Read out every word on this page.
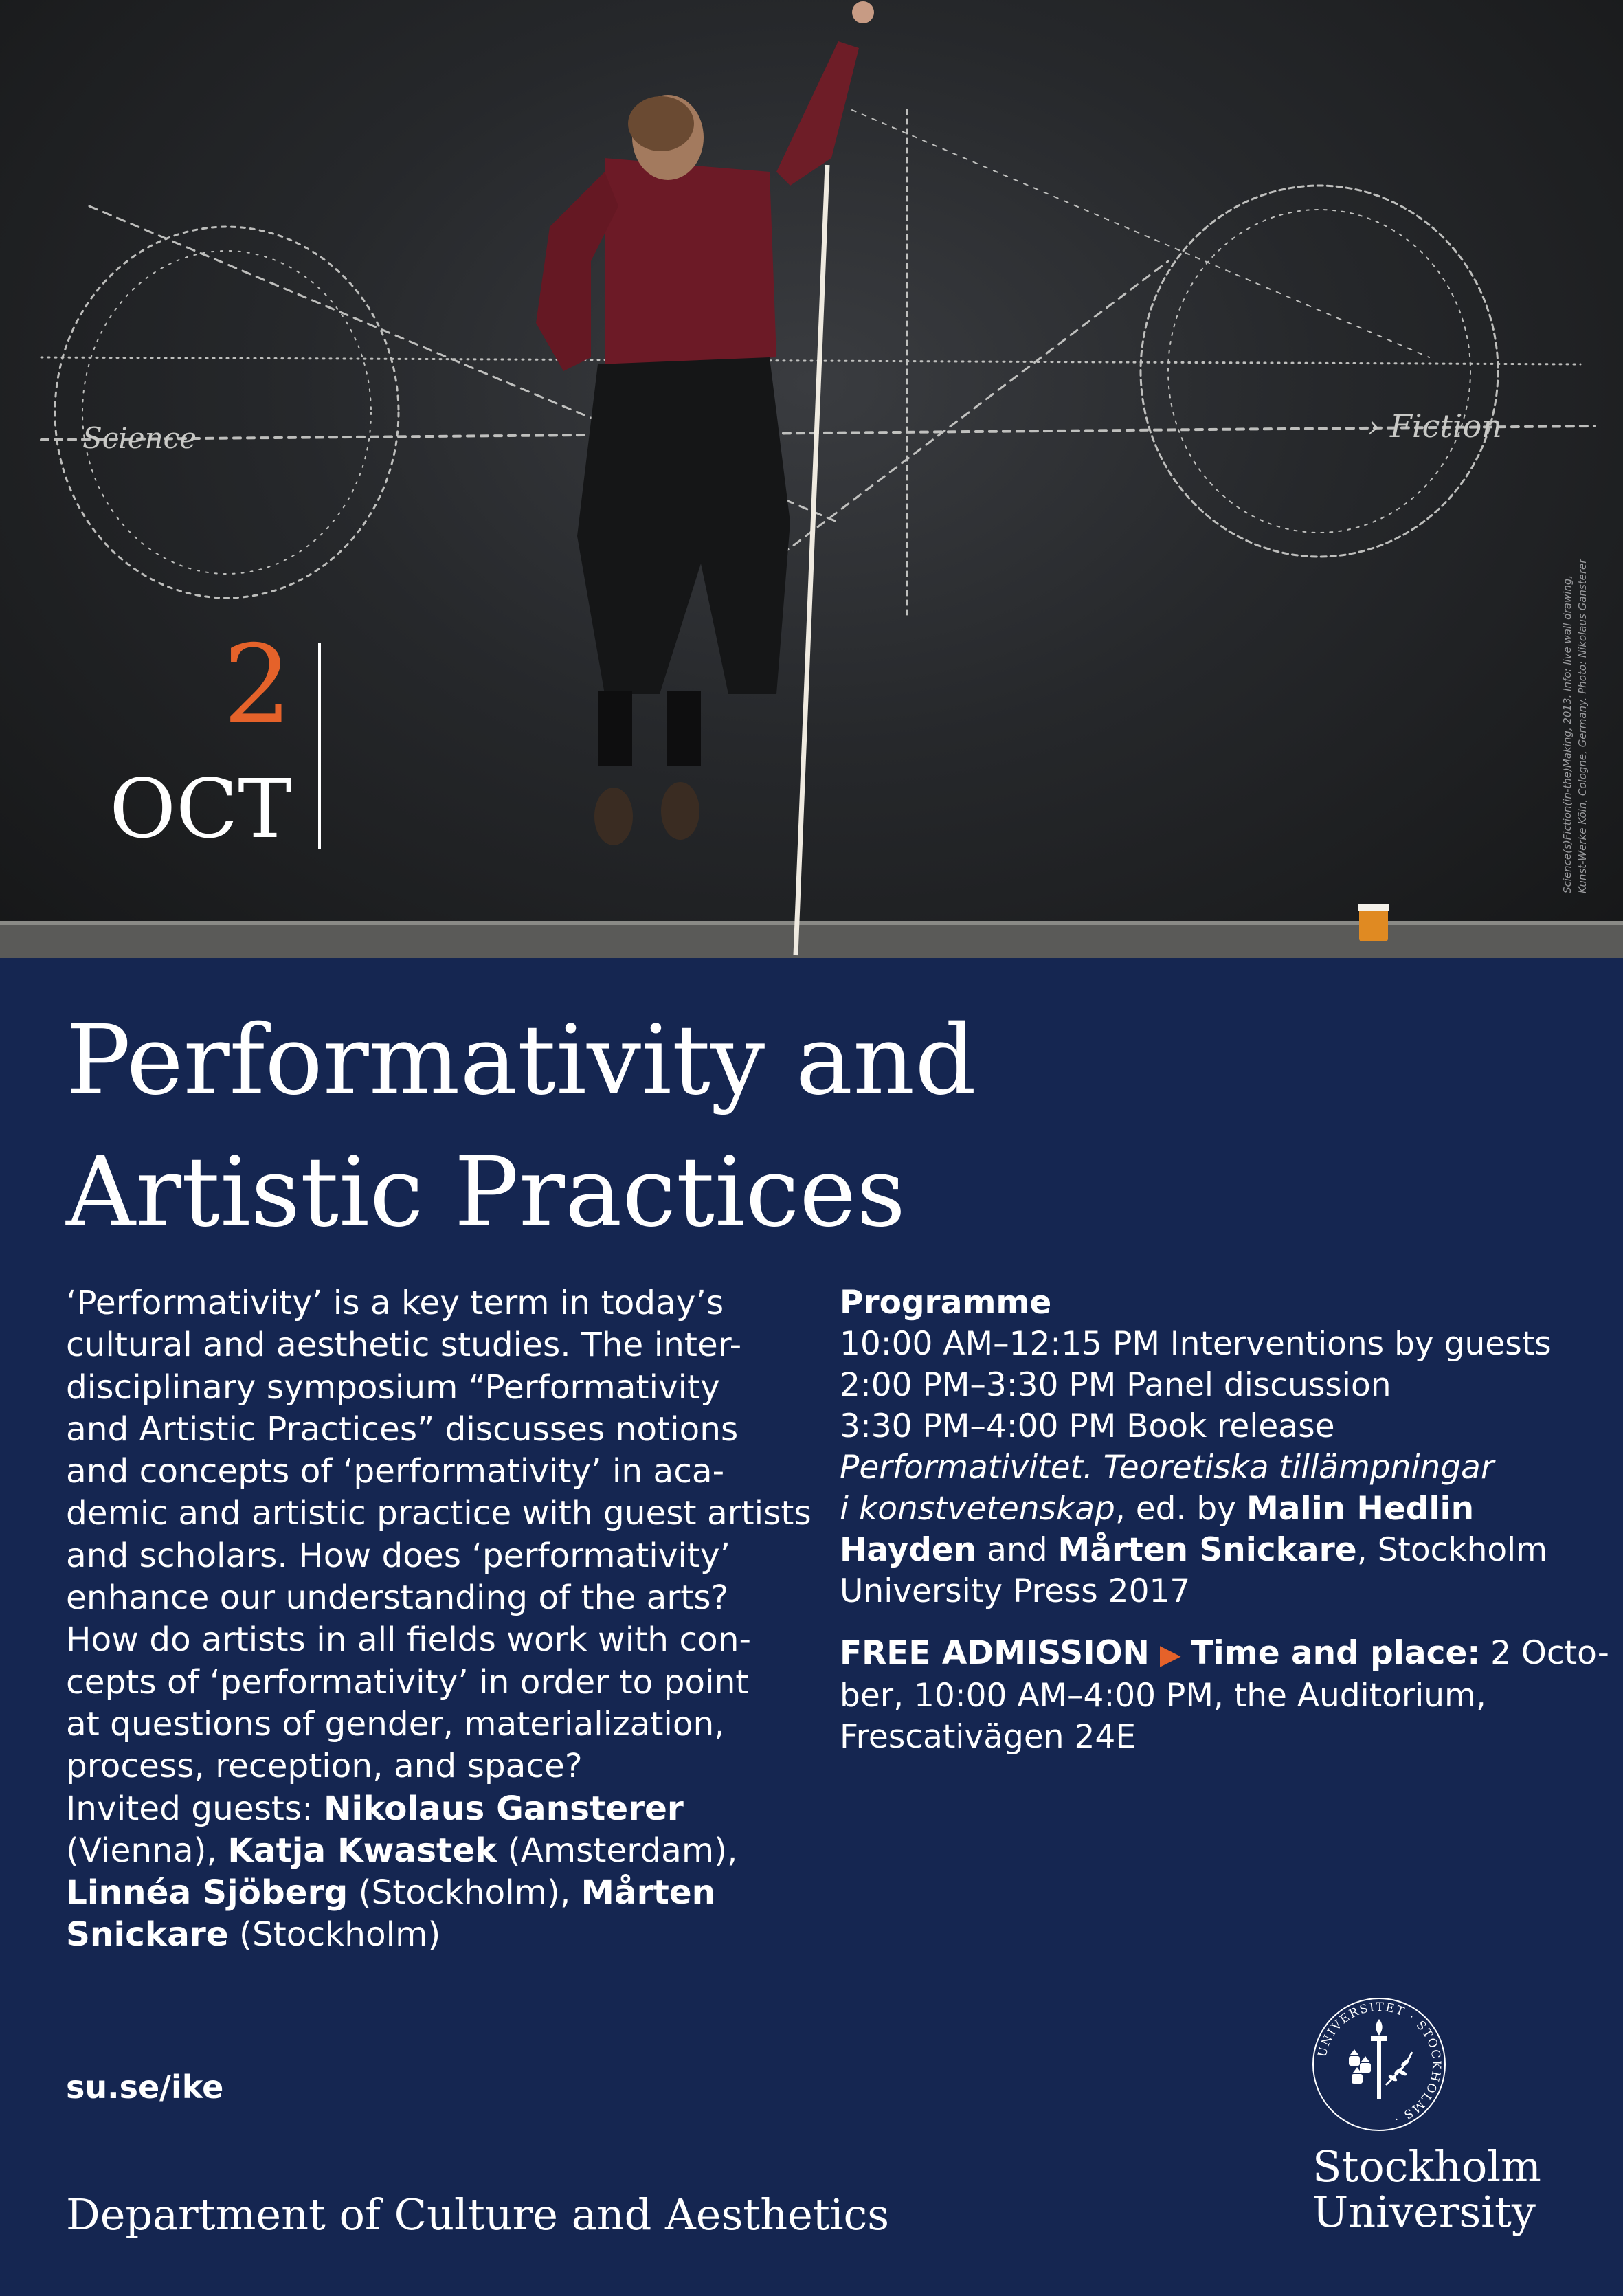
Science	› Fiction
2
OCT	Science(s)Fiction(in-the)Making, 2013. Info: live wall drawing, Kunst-Werke Köln, Cologne, Germany. Photo: Nikolaus Gansterer
Performativity and
Artistic Practices
‘Performativity’ is a key term in today’s
cultural and aesthetic studies. The inter-
disciplinary symposium “Performativity
and Artistic Practices” discusses notions
and concepts of ‘performativity’ in aca-
demic and artistic practice with guest artists
and scholars. How does ‘performativity’
enhance our understanding of the arts?
How do artists in all fields work with con-
cepts of ‘performativity’ in order to point
at questions of gender, materialization,
process, reception, and space?
Invited guests: Nikolaus Gansterer
(Vienna), Katja Kwastek (Amsterdam),
Linnéa Sjöberg (Stockholm), Mårten
Snickare (Stockholm)
Programme
10:00 AM–12:15 PM Interventions by guests
2:00 PM–3:30 PM Panel discussion
3:30 PM–4:00 PM Book release
Performativitet. Teoretiska tillämpningar
i konstvetenskap, ed. by Malin Hedlin
Hayden and Mårten Snickare, Stockholm
University Press 2017
FREE ADMISSION ▶ Time and place: 2 Octo-
ber, 10:00 AM–4:00 PM, the Auditorium,
Frescativägen 24E
su.se/ike
Department of Culture and Aesthetics
UNIVERSITET · STOCKHOLMS ·
Stockholm
University
